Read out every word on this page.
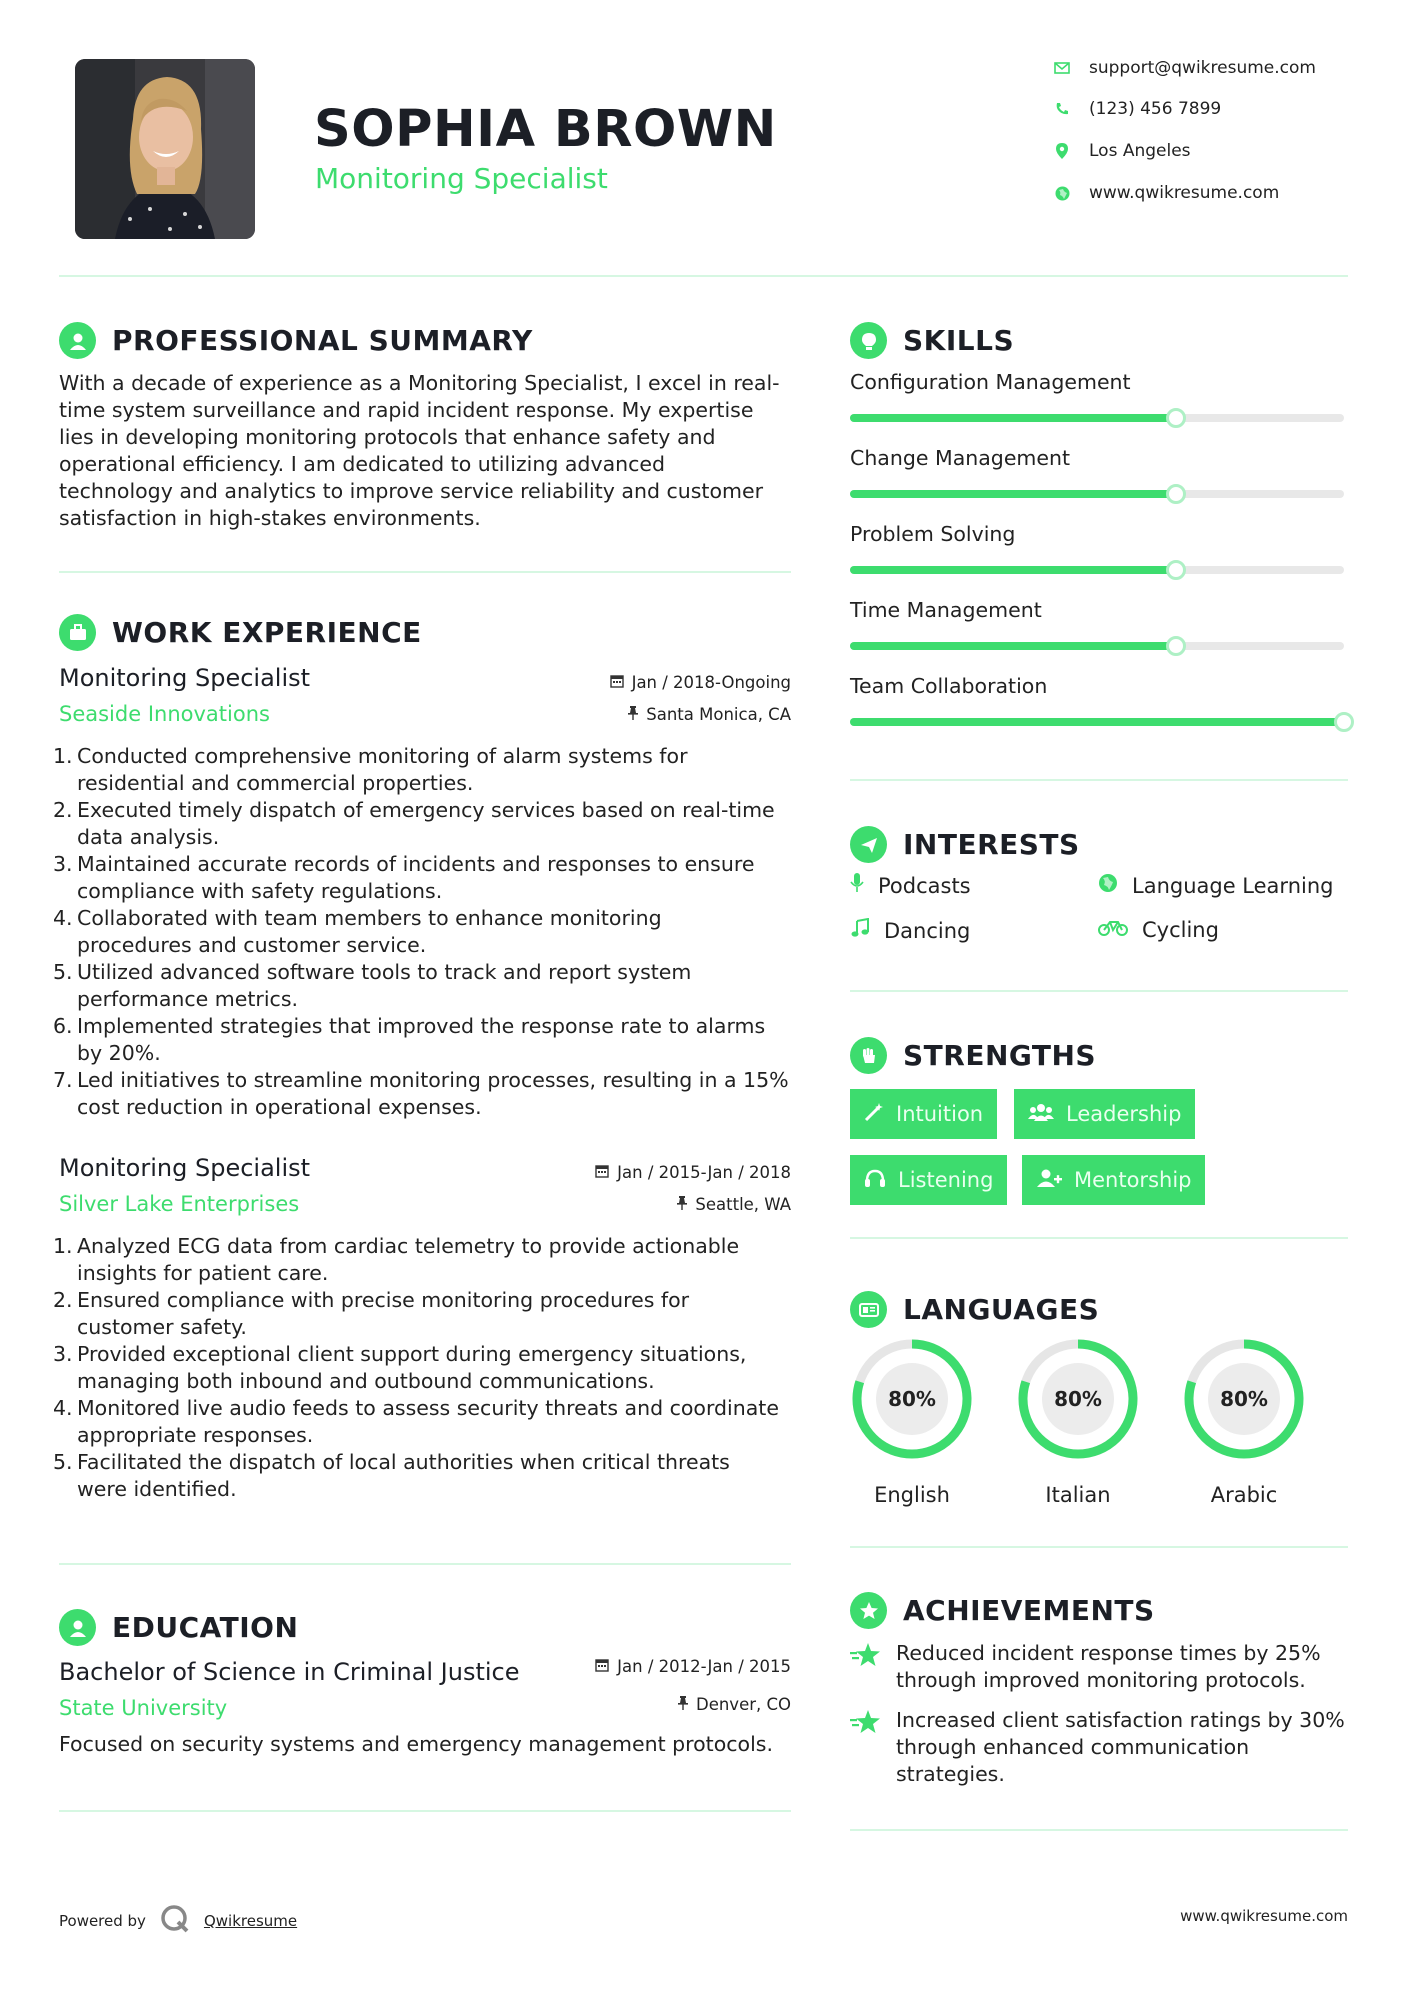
SOPHIA BROWN
Monitoring Specialist
support@qwikresume.com
(123) 456 7899
Los Angeles
www.qwikresume.com
PROFESSIONAL SUMMARY
With a decade of experience as a Monitoring Specialist, I excel in real-
time system surveillance and rapid incident response. My expertise
lies in developing monitoring protocols that enhance safety and
operational efficiency. I am dedicated to utilizing advanced
technology and analytics to improve service reliability and customer
satisfaction in high-stakes environments.
WORK EXPERIENCE
Monitoring Specialist
Seaside Innovations
Jan / 2018-Ongoing
Santa Monica, CA
1. Conducted comprehensive monitoring of alarm systems for
residential and commercial properties.
2. Executed timely dispatch of emergency services based on real-time
data analysis.
3. Maintained accurate records of incidents and responses to ensure
compliance with safety regulations.
4. Collaborated with team members to enhance monitoring
procedures and customer service.
5. Utilized advanced software tools to track and report system
performance metrics.
6. Implemented strategies that improved the response rate to alarms
by 20%.
7. Led initiatives to streamline monitoring processes, resulting in a 15%
cost reduction in operational expenses.
Monitoring Specialist
Silver Lake Enterprises
Jan / 2015-Jan / 2018
Seattle, WA
1. Analyzed ECG data from cardiac telemetry to provide actionable
insights for patient care.
2. Ensured compliance with precise monitoring procedures for
customer safety.
3. Provided exceptional client support during emergency situations,
managing both inbound and outbound communications.
4. Monitored live audio feeds to assess security threats and coordinate
appropriate responses.
5. Facilitated the dispatch of local authorities when critical threats
were identified.
EDUCATION
Bachelor of Science in Criminal Justice
State University
Jan / 2012-Jan / 2015
Denver, CO
Focused on security systems and emergency management protocols.
SKILLS
Configuration Management
Change Management
Problem Solving
Time Management
Team Collaboration
INTERESTS
Podcasts	Language Learning
Dancing	Cycling
STRENGTHS
Intuition	Leadership
Listening	Mentorship
LANGUAGES
80%
English
80%
Italian
80%
Arabic
ACHIEVEMENTS
Reduced incident response times by 25%
through improved monitoring protocols.
Increased client satisfaction ratings by 30%
through enhanced communication
strategies.
Powered by	Qwikresume	www.qwikresume.com
